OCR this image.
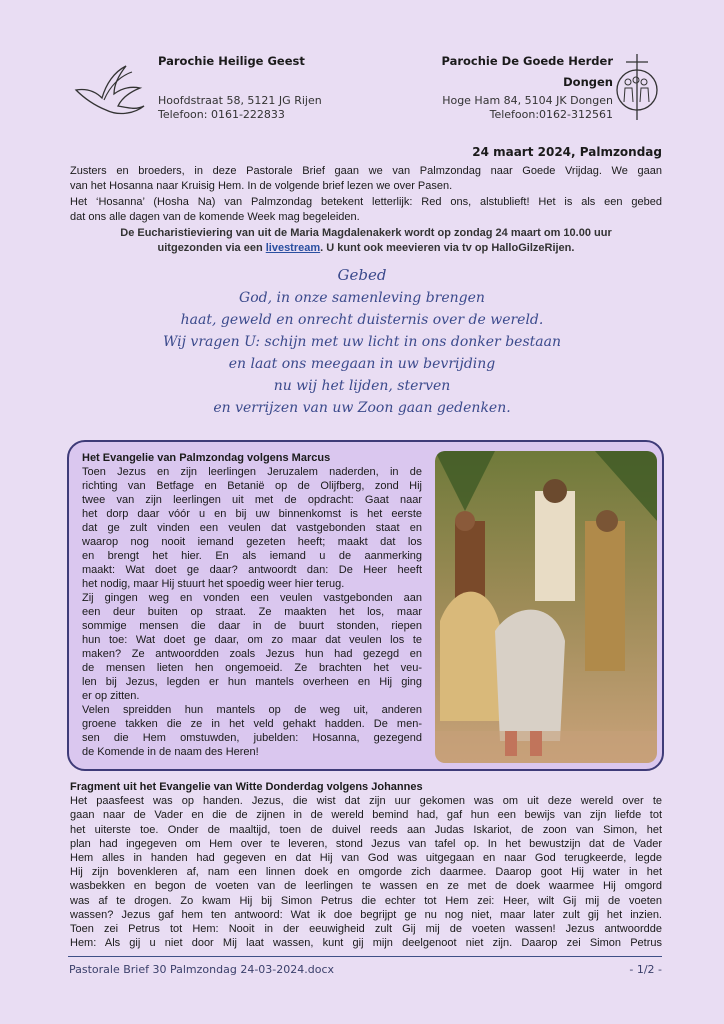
Parochie Heilige Geest
Hoofdstraat 58, 5121 JG Rijen
Telefoon: 0161-222833
Parochie De Goede Herder
Dongen
Hoge Ham 84, 5104 JK Dongen
Telefoon:0162-312561
24 maart 2024, Palmzondag
Zusters en broeders, in deze Pastorale Brief gaan we van Palmzondag naar Goede Vrijdag. We gaan
van het Hosanna naar Kruisig Hem. In de volgende brief lezen we over Pasen.
Het ‘Hosanna’ (Hosha Na) van Palmzondag betekent letterlijk: Red ons, alstublieft! Het is als een gebed
dat ons alle dagen van de komende Week mag begeleiden.
De Eucharistieviering van uit de Maria Magdalenakerk wordt op zondag 24 maart om 10.00 uur
uitgezonden via een livestream. U kunt ook meevieren via tv op HalloGilzeRijen.
Gebed
God, in onze samenleving brengen
haat, geweld en onrecht duisternis over de wereld.
Wij vragen U: schijn met uw licht in ons donker bestaan
en laat ons meegaan in uw bevrijding
nu wij het lijden, sterven
en verrijzen van uw Zoon gaan gedenken.
Het Evangelie van Palmzondag volgens Marcus
Toen Jezus en zijn leerlingen Jeruzalem naderden, in de
richting van Betfage en Betanië op de Olijfberg, zond Hij
twee van zijn leerlingen uit met de opdracht: Gaat naar
het dorp daar vóór u en bij uw binnenkomst is het eerste
dat ge zult vinden een veulen dat vastgebonden staat en
waarop nog nooit iemand gezeten heeft; maakt dat los
en brengt het hier. En als iemand u de aanmerking
maakt: Wat doet ge daar? antwoordt dan: De Heer heeft
het nodig, maar Hij stuurt het spoedig weer hier terug.
Zij gingen weg en vonden een veulen vastgebonden aan
een deur buiten op straat. Ze maakten het los, maar
sommige mensen die daar in de buurt stonden, riepen
hun toe: Wat doet ge daar, om zo maar dat veulen los te
maken? Ze antwoordden zoals Jezus hun had gezegd en
de mensen lieten hen ongemoeid. Ze brachten het veu-
len bij Jezus, legden er hun mantels overheen en Hij ging
er op zitten.
Velen spreidden hun mantels op de weg uit, anderen
groene takken die ze in het veld gehakt hadden. De men-
sen die Hem omstuwden, jubelden: Hosanna, gezegend
de Komende in de naam des Heren!
Fragment uit het Evangelie van Witte Donderdag volgens Johannes
Het paasfeest was op handen. Jezus, die wist dat zijn uur gekomen was om uit deze wereld over te
gaan naar de Vader en die de zijnen in de wereld bemind had, gaf hun een bewijs van zijn liefde tot
het uiterste toe. Onder de maaltijd, toen de duivel reeds aan Judas Iskariot, de zoon van Simon, het
plan had ingegeven om Hem over te leveren, stond Jezus van tafel op. In het bewustzijn dat de Vader
Hem alles in handen had gegeven en dat Hij van God was uitgegaan en naar God terugkeerde, legde
Hij zijn bovenkleren af, nam een linnen doek en omgorde zich daarmee. Daarop goot Hij water in het
wasbekken en begon de voeten van de leerlingen te wassen en ze met de doek waarmee Hij omgord
was af te drogen. Zo kwam Hij bij Simon Petrus die echter tot Hem zei: Heer, wilt Gij mij de voeten
wassen? Jezus gaf hem ten antwoord: Wat ik doe begrijpt ge nu nog niet, maar later zult gij het inzien.
Toen zei Petrus tot Hem: Nooit in der eeuwigheid zult Gij mij de voeten wassen! Jezus antwoordde
Hem: Als gij u niet door Mij laat wassen, kunt gij mijn deelgenoot niet zijn. Daarop zei Simon Petrus
Pastorale Brief 30 Palmzondag 24-03-2024.docx	- 1/2 -
